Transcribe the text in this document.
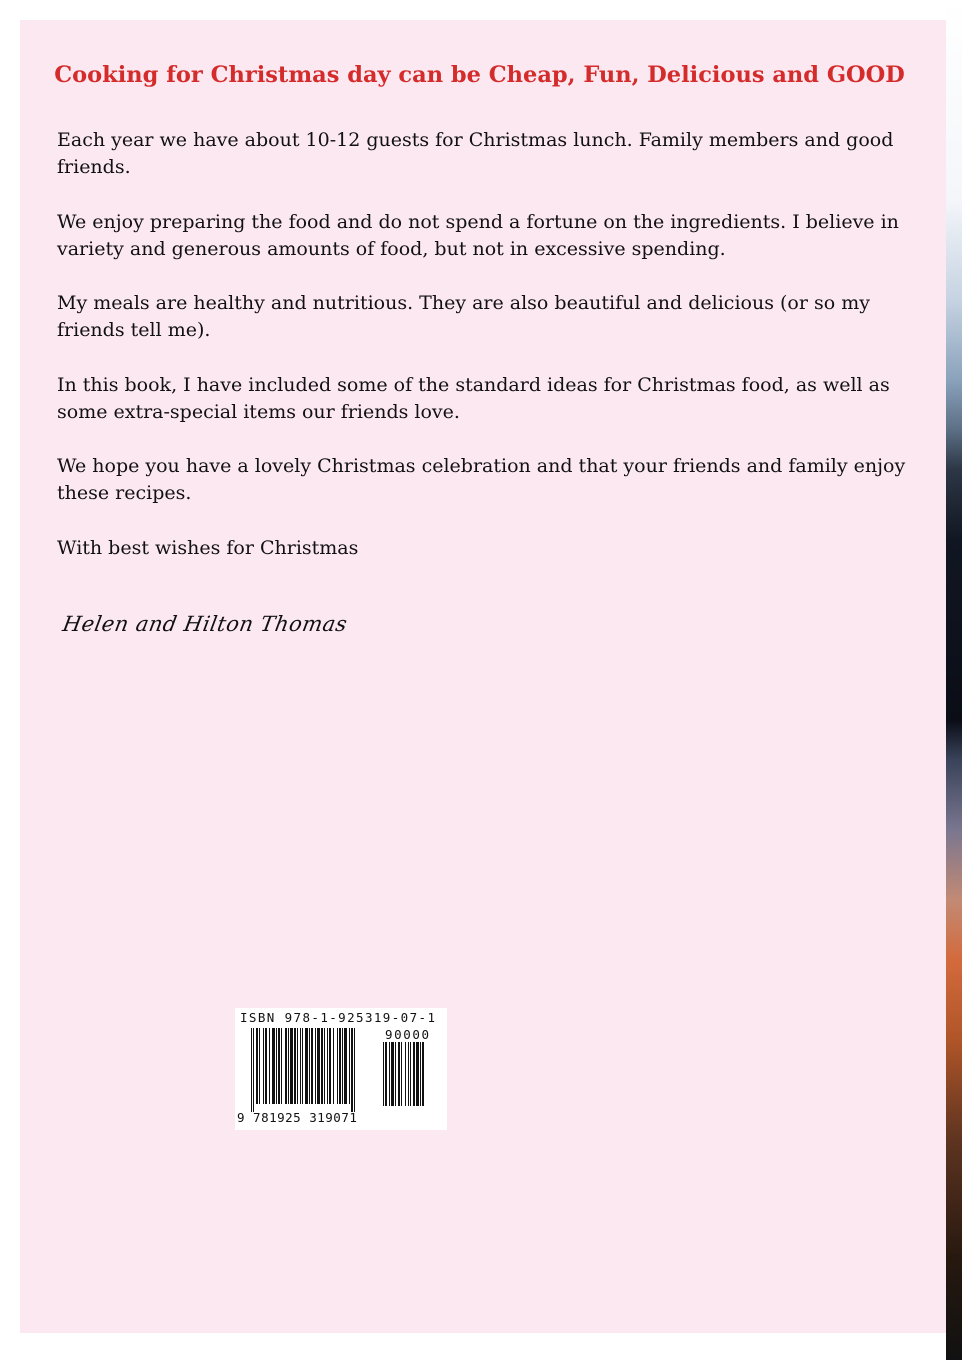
Cooking for Christmas day can be Cheap, Fun, Delicious and GOOD

Each year we have about 10-12 guests for Christmas lunch. Family members and good friends.

We enjoy preparing the food and do not spend a fortune on the ingredients. I believe in variety and generous amounts of food, but not in excessive spending.

My meals are healthy and nutritious. They are also beautiful and delicious (or so my friends tell me).

In this book, I have included some of the standard ideas for Christmas food, as well as some extra-special items our friends love.

We hope you have a lovely Christmas celebration and that your friends and family enjoy these recipes.

With best wishes for Christmas

Helen and Hilton Thomas

ISBN 978-1-925319-07-1

90000

9 781925 319071
